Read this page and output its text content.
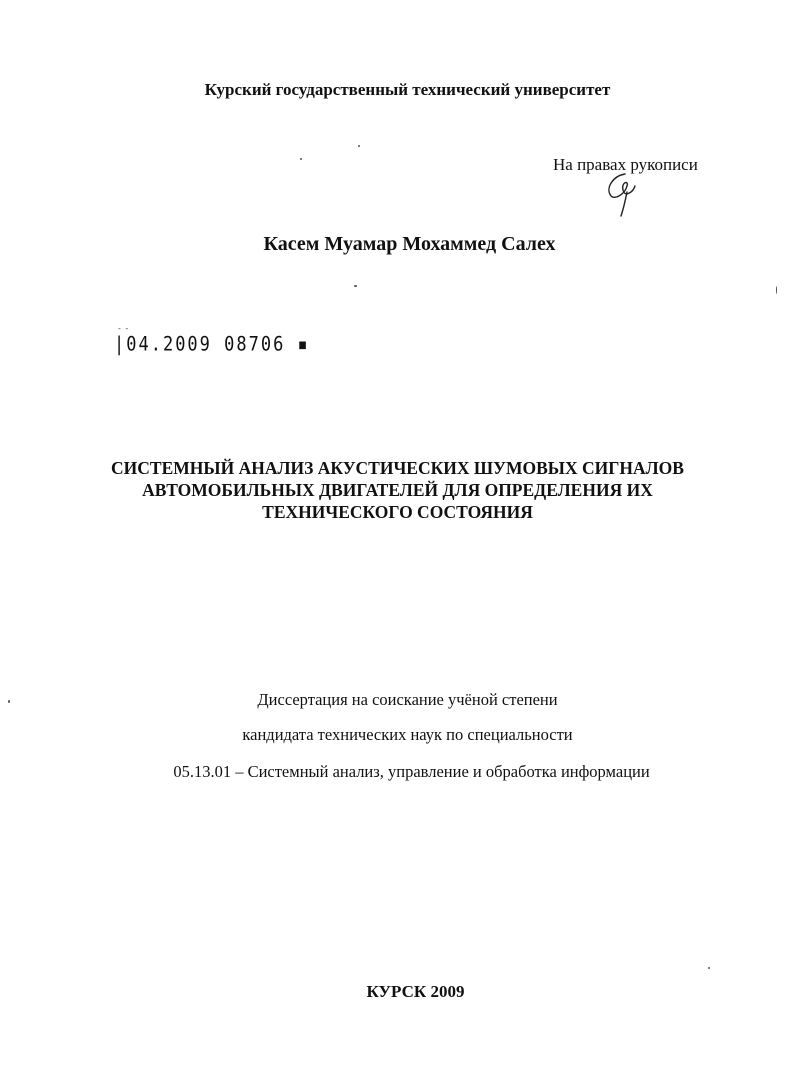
Курский государственный технический университет
На правах рукописи
Касем Муамар Мохаммед Салех
- -
|04.2009 08706 ▪
СИСТЕМНЫЙ АНАЛИЗ АКУСТИЧЕСКИХ ШУМОВЫХ СИГНАЛОВ
АВТОМОБИЛЬНЫХ ДВИГАТЕЛЕЙ ДЛЯ ОПРЕДЕЛЕНИЯ ИХ
ТЕХНИЧЕСКОГО СОСТОЯНИЯ
Диссертация на соискание учёной степени
кандидата технических наук по специальности
05.13.01 – Системный анализ, управление и обработка информации
КУРСК 2009
